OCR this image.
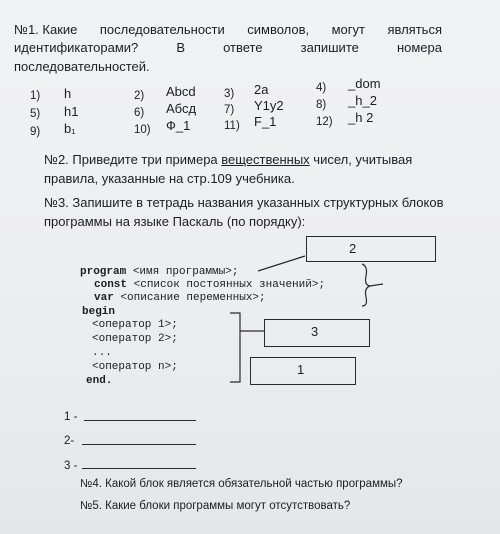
№1. Какие последовательности символов, могут являться
идентификаторами?	В	ответе	запишите	номера
последовательностей.
1) h	2) Abcd 3) 2a	4) _dom
5) h1	6) Абсд 7) Y1y2	8) _h_2
9) b₁	10) Ф_1	11) F_1	12) _h 2
№2. Приведите три примера вещественных чисел, учитывая
правила, указанные на стр.109 учебника.
№3. Запишите в тетрадь названия указанных структурных блоков
программы на языке Паскаль (по порядку):
program <имя программы>;
const <список постоянных значений>;
var <описание переменных>;
begin
<оператор 1>;
<оператор 2>;
...
<оператор n>;
end.
2
3
1
1 -
2-
3 -
№4. Какой блок является обязательной частью программы?
№5. Какие блоки программы могут отсутствовать?
